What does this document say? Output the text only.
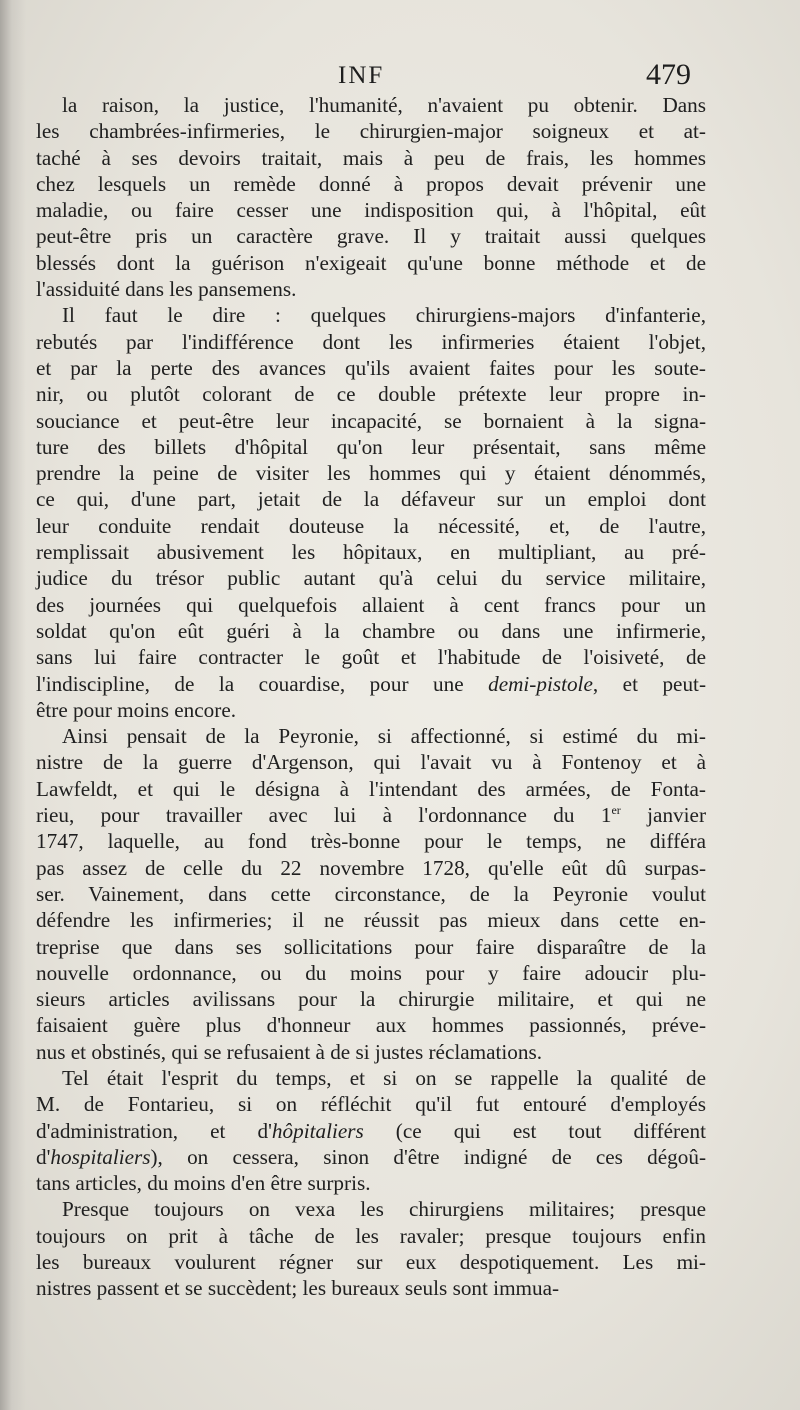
INF	479
la raison, la justice, l'humanité, n'avaient pu obtenir. Dans
les chambrées-infirmeries, le chirurgien-major soigneux et at-
taché à ses devoirs traitait, mais à peu de frais, les hommes
chez lesquels un remède donné à propos devait prévenir une
maladie, ou faire cesser une indisposition qui, à l'hôpital, eût
peut-être pris un caractère grave. Il y traitait aussi quelques
blessés dont la guérison n'exigeait qu'une bonne méthode et de
l'assiduité dans les pansemens.
Il faut le dire : quelques chirurgiens-majors d'infanterie,
rebutés par l'indifférence dont les infirmeries étaient l'objet,
et par la perte des avances qu'ils avaient faites pour les soute-
nir, ou plutôt colorant de ce double prétexte leur propre in-
souciance et peut-être leur incapacité, se bornaient à la signa-
ture des billets d'hôpital qu'on leur présentait, sans même
prendre la peine de visiter les hommes qui y étaient dénommés,
ce qui, d'une part, jetait de la défaveur sur un emploi dont
leur conduite rendait douteuse la nécessité, et, de l'autre,
remplissait abusivement les hôpitaux, en multipliant, au pré-
judice du trésor public autant qu'à celui du service militaire,
des journées qui quelquefois allaient à cent francs pour un
soldat qu'on eût guéri à la chambre ou dans une infirmerie,
sans lui faire contracter le goût et l'habitude de l'oisiveté, de
l'indiscipline, de la couardise, pour une demi-pistole, et peut-
être pour moins encore.
Ainsi pensait de la Peyronie, si affectionné, si estimé du mi-
nistre de la guerre d'Argenson, qui l'avait vu à Fontenoy et à
Lawfeldt, et qui le désigna à l'intendant des armées, de Fonta-
rieu, pour travailler avec lui à l'ordonnance du 1er janvier
1747, laquelle, au fond très-bonne pour le temps, ne différa
pas assez de celle du 22 novembre 1728, qu'elle eût dû surpas-
ser. Vainement, dans cette circonstance, de la Peyronie voulut
défendre les infirmeries; il ne réussit pas mieux dans cette en-
treprise que dans ses sollicitations pour faire disparaître de la
nouvelle ordonnance, ou du moins pour y faire adoucir plu-
sieurs articles avilissans pour la chirurgie militaire, et qui ne
faisaient guère plus d'honneur aux hommes passionnés, préve-
nus et obstinés, qui se refusaient à de si justes réclamations.
Tel était l'esprit du temps, et si on se rappelle la qualité de
M. de Fontarieu, si on réfléchit qu'il fut entouré d'employés
d'administration, et d'hôpitaliers (ce qui est tout différent
d'hospitaliers), on cessera, sinon d'être indigné de ces dégoû-
tans articles, du moins d'en être surpris.
Presque toujours on vexa les chirurgiens militaires; presque
toujours on prit à tâche de les ravaler; presque toujours enfin
les bureaux voulurent régner sur eux despotiquement. Les mi-
nistres passent et se succèdent; les bureaux seuls sont immua-
